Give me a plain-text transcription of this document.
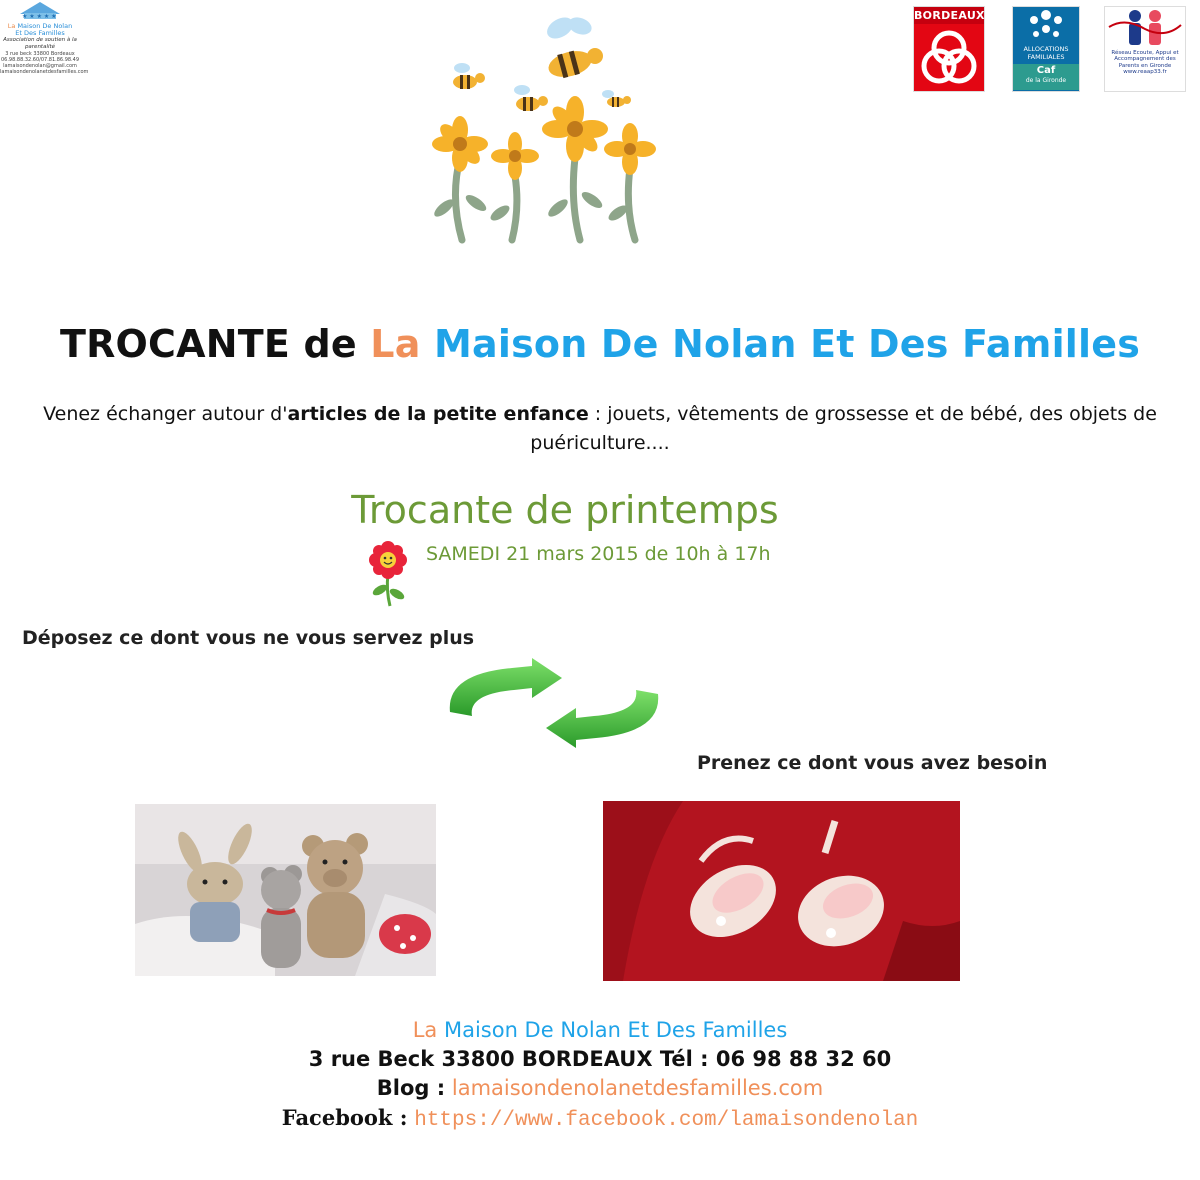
★ ★ ★ ★ ★
La Maison De Nolan
Et Des Familles
Association de soutien à la parentalité
3 rue beck 33800 Bordeaux
06.98.88.32.60/07.81.86.98.49
lamaisondenolan@gmail.com
lamaisondenolanetdesfamilles.com
BORDEAUX
ALLOCATIONS
FAMILIALES
Caf
de la Gironde
Réseau Ecoute, Appui et Accompagnement des Parents en Gironde
www.reaap33.fr
TROCANTE de La Maison De Nolan Et Des Familles
Venez échanger autour d'articles de la petite enfance : jouets, vêtements de grossesse et de bébé, des objets de puériculture....
Trocante de printemps
SAMEDI 21 mars 2015 de 10h à 17h
Déposez ce dont vous ne vous servez plus
Prenez ce dont vous avez besoin
La Maison De Nolan Et Des Familles
3 rue Beck 33800 BORDEAUX Tél : 06 98 88 32 60
Blog : lamaisondenolanetdesfamilles.com
Facebook : https://www.facebook.com/lamaisondenolan
